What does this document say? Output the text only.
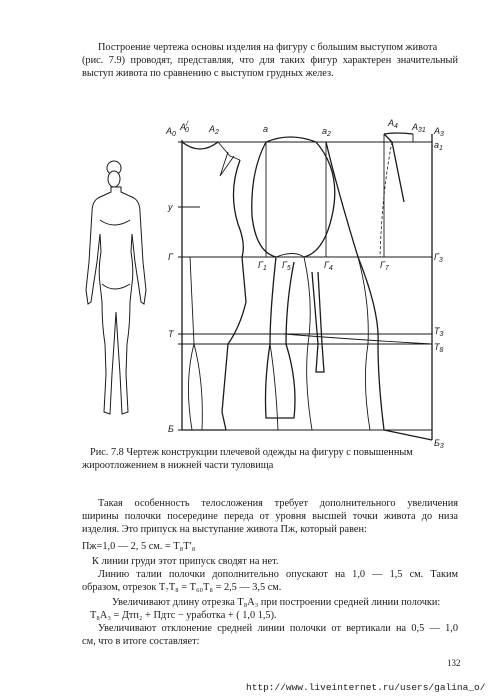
Построение чертежа основы изделия на фигуру с большим выступом живота
(рис. 7.9) проводят, представляя, что для таких фигур характерен значительный
выступ живота по сравнению с выступом грудных желез.
$A_0$
A/ 0 $A_2$	a	$a_2$
$A_4$ $A_{31}$ $A_3$
$a_1$
у
Г
$Г_1$ $Г_5$	$Г_4$	$Г_7$
$Г_3$
Т	$Т_3$
$Т_8$
Б
$Б_3$
Рис. 7.8 Чертеж конструкции плечевой одежды на фигуру с повышенным
жироотложением в нижней части туловища
Такая особенность телосложения требует дополнительного увеличения
ширины полочки посередине переда от уровня высшей точки живота до низа
изделия. Это припуск на выступание живота Пж, который равен:
Пж=1,0 — 2, 5 см. = Т₈Т′₈
К линии груди этот припуск сводят на нет.
Линию талии полочки дополнительно опускают на 1,0 — 1,5 см. Таким
образом, отрезок Т₇Т₈ = Т₆₀Т₈ = 2,5 — 3,5 см.
Увеличивают длину отрезка Т₈А₃ при построении средней линии полочки:
Т₈А₃ = Дтп₂ + Пдтс − уработка + ( 1,0 1,5).
Увеличивают отклонение средней линии полочки от вертикали на 0,5 — 1,0
см, что в итоге составляет:
132
http://www.liveinternet.ru/users/galina_o/
